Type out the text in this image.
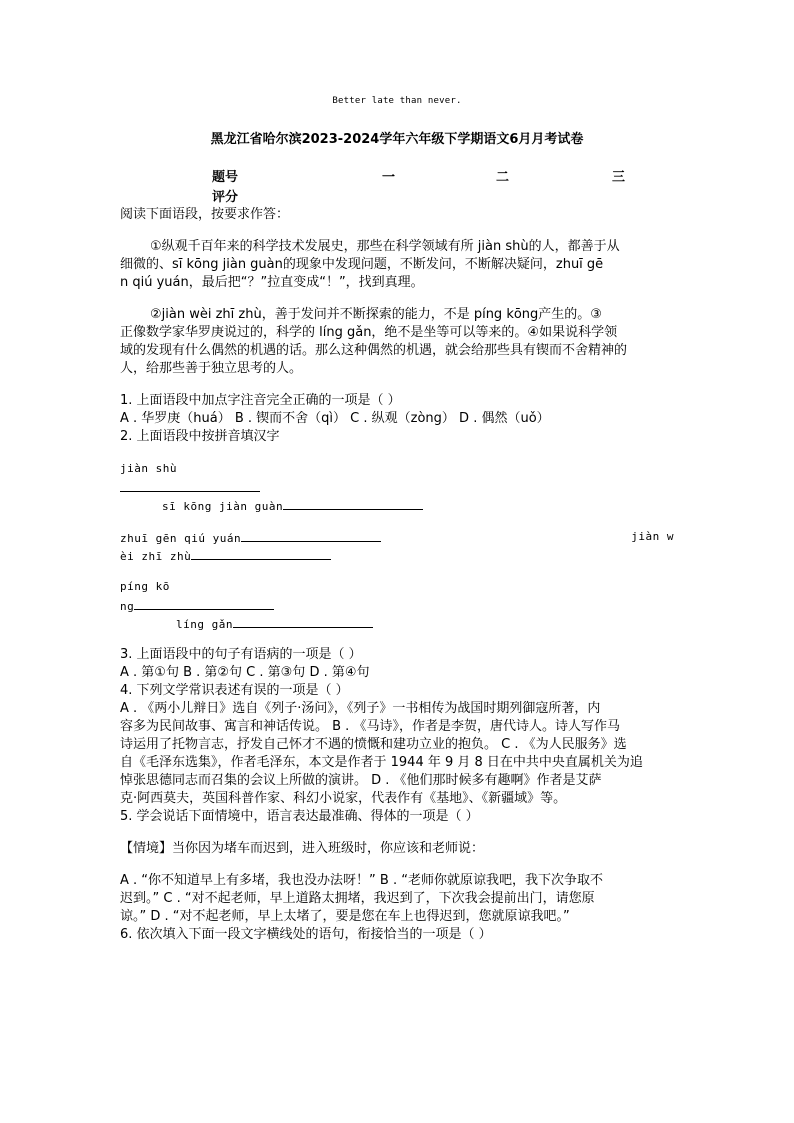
Better late than never.
黑龙江省哈尔滨2023-2024学年六年级下学期语文6月月考试卷
题号	一	二	三
评分

阅读下面语段，按要求作答：

①纵观千百年来的科学技术发展史，那些在科学领域有所 jiàn shù的人，都善于从

细微的、sī kōng jiàn guàn的现象中发现问题，不断发问，不断解决疑问，zhuī gē

n qiú yuán，最后把“？”拉直变成“！”，找到真理。

②jiàn wèi zhī zhù，善于发问并不断探索的能力，不是 píng kōng产生的。③

正像数学家华罗庚说过的，科学的 líng gǎn，绝不是坐等可以等来的。④如果说科学领

域的发现有什么偶然的机遇的话。那么这种偶然的机遇，就会给那些具有锲而不舍精神的

人，给那些善于独立思考的人。

1. 上面语段中加点字注音完全正确的一项是（ ）

A . 华罗庚（huá） B . 锲而不舍（qì） C . 纵观（zòng） D . 偶然（uǒ）

2. 上面语段中按拼音填汉字

jiàn shù
sī kōng jiàn guàn
zhuī gēn qiú yuán	jiàn w
èi zhī zhù
píng kō
ng
líng gǎn

3. 上面语段中的句子有语病的一项是（ ）

A . 第①句 B . 第②句 C . 第③句 D . 第④句

4. 下列文学常识表述有误的一项是（ ）

A . 《两小儿辩日》选自《列子·汤问》，《列子》一书相传为战国时期列御寇所著，内

容多为民间故事、寓言和神话传说。 B . 《马诗》，作者是李贺，唐代诗人。诗人写作马

诗运用了托物言志，抒发自己怀才不遇的愤慨和建功立业的抱负。 C . 《为人民服务》选

自《毛泽东选集》，作者毛泽东，本文是作者于 1944 年 9 月 8 日在中共中央直属机关为追

悼张思德同志而召集的会议上所做的演讲。 D . 《他们那时候多有趣啊》作者是艾萨

克·阿西莫夫，英国科普作家、科幻小说家，代表作有《基地》、《新疆域》等。

5. 学会说话下面情境中，语言表达最准确、得体的一项是（ ）

【情境】当你因为堵车而迟到，进入班级时，你应该和老师说：

A . “你不知道早上有多堵，我也没办法呀！” B . “老师你就原谅我吧，我下次争取不

迟到。” C . “对不起老师，早上道路太拥堵，我迟到了，下次我会提前出门，请您原

谅。” D . “对不起老师，早上太堵了，要是您在车上也得迟到，您就原谅我吧。”

6. 依次填入下面一段文字横线处的语句，衔接恰当的一项是（ ）
